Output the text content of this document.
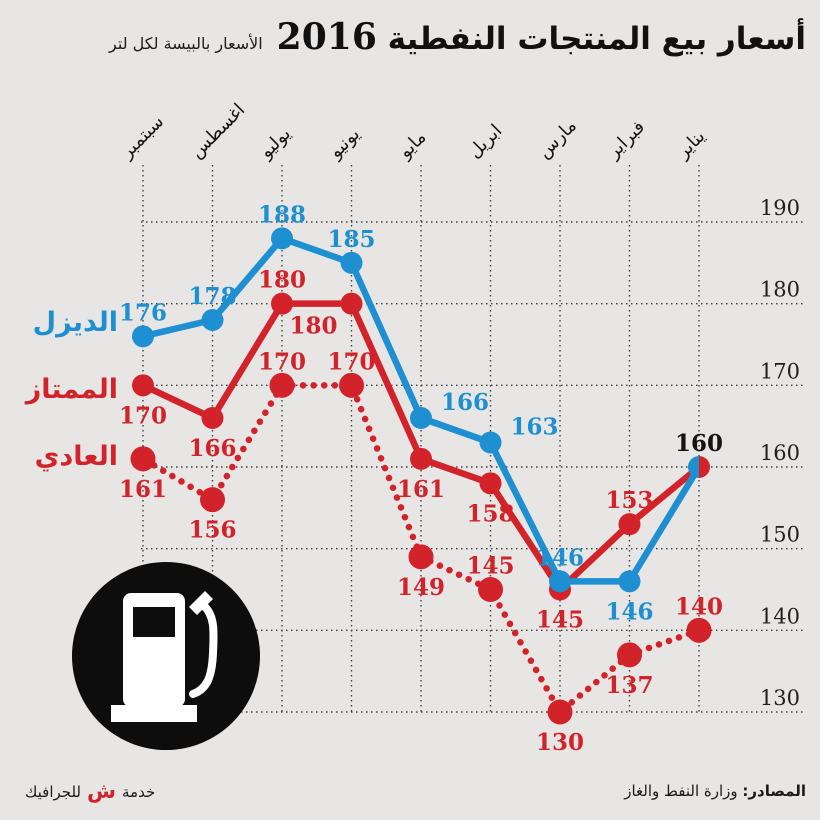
أسعار بيع المنتجات النفطية 2016
الأسعار بالبيسة لكل لتر
190
180
170
160
150
140
130
يناير
فبراير
مارس
ابريل
مايو
يونيو
يوليو
اغسطس
سبتمبر
146
146
163
166
185
188
178
176
153
145
158
161
180
180
166
170
140
137
130
145
149
170
170
156
161
160
الديزل
الممتاز
العادي
خدمة
ش
للجرافيك	المصادر: وزارة النفط والغاز
